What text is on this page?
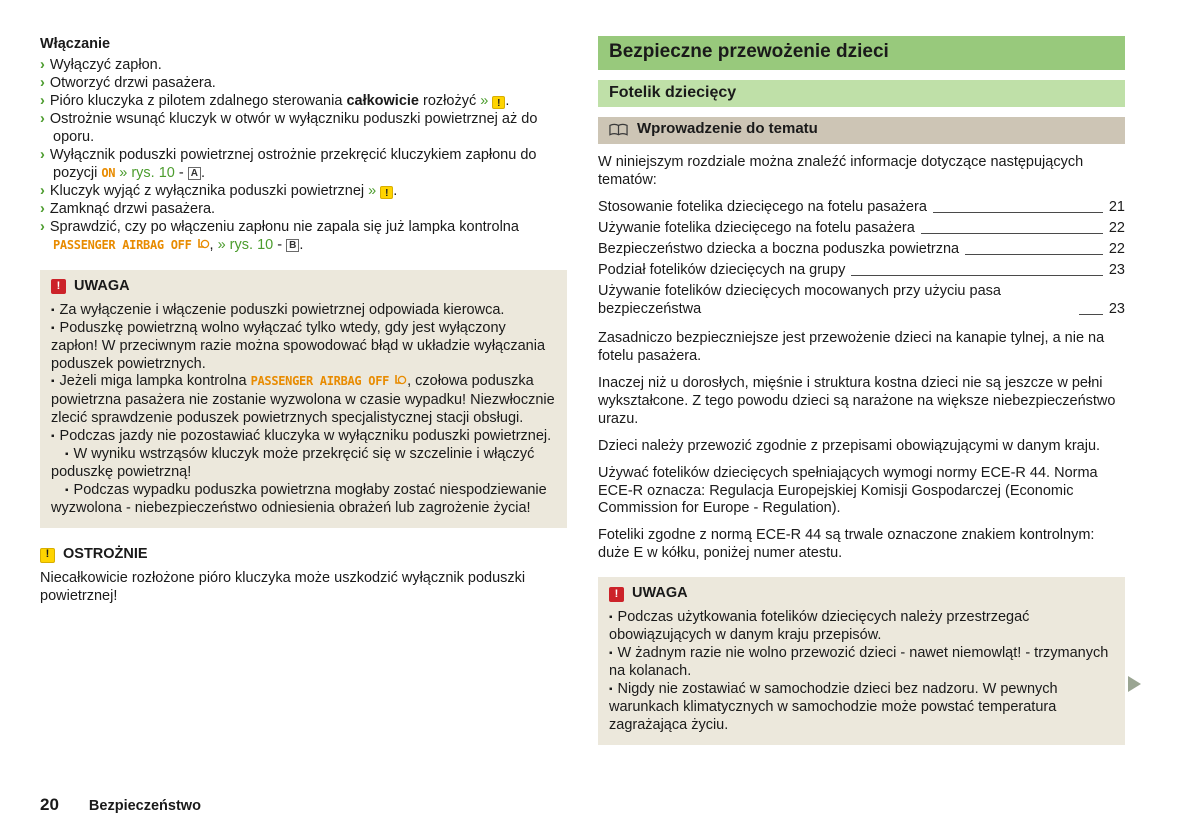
Włączanie

› Wyłączyć zapłon.

› Otworzyć drzwi pasażera.

› Pióro kluczyka z pilotem zdalnego sterowania całkowicie rozłożyć » ! .

› Ostrożnie wsunąć kluczyk w otwór w wyłączniku poduszki powietrznej aż do oporu.

› Wyłącznik poduszki powietrznej ostrożnie przekręcić kluczykiem zapłonu do pozycji ON » rys. 10 - A .

› Kluczyk wyjąć z wyłącznika poduszki powietrznej » ! .

› Zamknąć drzwi pasażera.

› Sprawdzić, czy po włączeniu zapłonu nie zapala się już lampka kontrolna PASSENGER AIRBAG OFF , » rys. 10 - B .

! UWAGA

▪ Za wyłączenie i włączenie poduszki powietrznej odpowiada kierowca.

▪ Poduszkę powietrzną wolno wyłączać tylko wtedy, gdy jest wyłączony zapłon! W przeciwnym razie można spowodować błąd w układzie wyłączania poduszek powietrznych.

▪ Jeżeli miga lampka kontrolna PASSENGER AIRBAG OFF , czołowa poduszka powietrzna pasażera nie zostanie wyzwolona w czasie wypadku! Niezwłocznie zlecić sprawdzenie poduszek powietrznych specjalistycznej stacji obsługi.

▪ Podczas jazdy nie pozostawiać kluczyka w wyłączniku poduszki powietrznej.

▪ W wyniku wstrząsów kluczyk może przekręcić się w szczelinie i włączyć poduszkę powietrzną!

▪ Podczas wypadku poduszka powietrzna mogłaby zostać niespodziewanie wyzwolona - niebezpieczeństwo odniesienia obrażeń lub zagrożenie życia!

! OSTROŻNIE

Niecałkowicie rozłożone pióro kluczyka może uszkodzić wyłącznik poduszki powietrznej!

Bezpieczne przewożenie dzieci
Fotelik dziecięcy
Wprowadzenie do tematu

W niniejszym rozdziale można znaleźć informacje dotyczące następujących tematów:

Stosowanie fotelika dziecięcego na fotelu pasażera	21
Używanie fotelika dziecięcego na fotelu pasażera	22
Bezpieczeństwo dziecka a boczna poduszka powietrzna	22
Podział fotelików dziecięcych na grupy	23
Używanie fotelików dziecięcych mocowanych przy użyciu pasa bezpieczeństwa	23

Zasadniczo bezpieczniejsze jest przewożenie dzieci na kanapie tylnej, a nie na fotelu pasażera.

Inaczej niż u dorosłych, mięśnie i struktura kostna dzieci nie są jeszcze w pełni wykształcone. Z tego powodu dzieci są narażone na większe niebezpieczeństwo urazu.

Dzieci należy przewozić zgodnie z przepisami obowiązującymi w danym kraju.

Używać fotelików dziecięcych spełniających wymogi normy ECE-R 44. Norma ECE-R oznacza: Regulacja Europejskiej Komisji Gospodarczej (Economic Commission for Europe - Regulation).

Foteliki zgodne z normą ECE-R 44 są trwale oznaczone znakiem kontrolnym: duże E w kółku, poniżej numer atestu.

! UWAGA

▪ Podczas użytkowania fotelików dziecięcych należy przestrzegać obowiązujących w danym kraju przepisów.

▪ W żadnym razie nie wolno przewozić dzieci - nawet niemowląt! - trzymanych na kolanach.

▪ Nigdy nie zostawiać w samochodzie dzieci bez nadzoru. W pewnych warunkach klimatycznych w samochodzie może powstać temperatura zagrażająca życiu.

20 Bezpieczeństwo
